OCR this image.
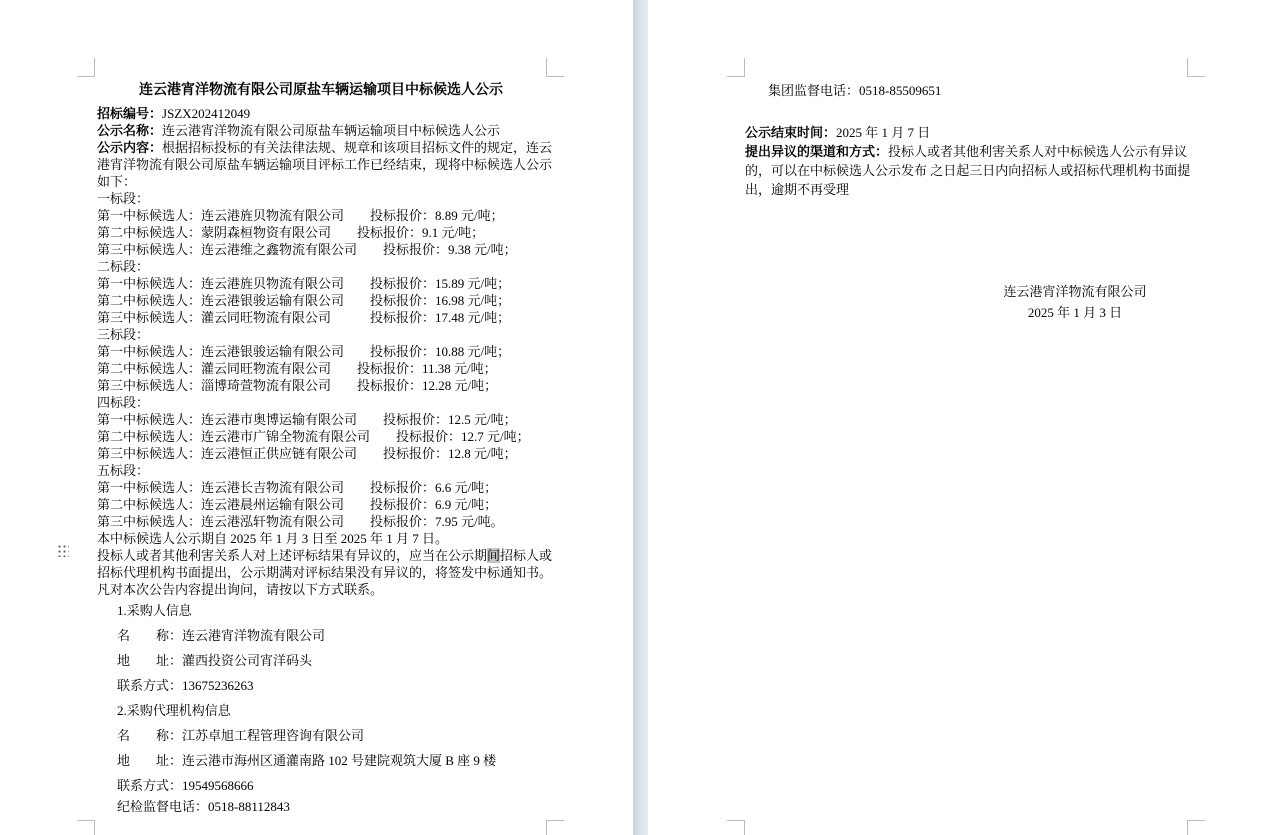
连云港宵洋物流有限公司原盐车辆运输项目中标候选人公示
招标编号：JSZX202412049
公示名称：连云港宵洋物流有限公司原盐车辆运输项目中标候选人公示
公示内容：根据招标投标的有关法律法规、规章和该项目招标文件的规定，连云
港宵洋物流有限公司原盐车辆运输项目评标工作已经结束，现将中标候选人公示
如下：
一标段：
第一中标候选人：连云港旌贝物流有限公司　　投标报价：8.89 元/吨；
第二中标候选人：蒙阴森桓物资有限公司　　投标报价：9.1 元/吨；
第三中标候选人：连云港维之鑫物流有限公司　　投标报价：9.38 元/吨；
二标段：
第一中标候选人：连云港旌贝物流有限公司　　投标报价：15.89 元/吨；
第二中标候选人：连云港银骏运输有限公司　　投标报价：16.98 元/吨；
第三中标候选人：灌云同旺物流有限公司　　　投标报价：17.48 元/吨；
三标段：
第一中标候选人：连云港银骏运输有限公司　　投标报价：10.88 元/吨；
第二中标候选人：灌云同旺物流有限公司　　投标报价：11.38 元/吨；
第三中标候选人：淄博琦萱物流有限公司　　投标报价：12.28 元/吨；
四标段：
第一中标候选人：连云港市奥博运输有限公司　　投标报价：12.5 元/吨；
第二中标候选人：连云港市广锦全物流有限公司　　投标报价：12.7 元/吨；
第三中标候选人：连云港恒正供应链有限公司　　投标报价：12.8 元/吨；
五标段：
第一中标候选人：连云港长吉物流有限公司　　投标报价：6.6 元/吨；
第二中标候选人：连云港晨州运输有限公司　　投标报价：6.9 元/吨；
第三中标候选人：连云港泓轩物流有限公司　　投标报价：7.95 元/吨。
本中标候选人公示期自 2025 年 1 月 3 日至 2025 年 1 月 7 日。
投标人或者其他利害关系人对上述评标结果有异议的，应当在公示期间招标人或
招标代理机构书面提出，公示期满对评标结果没有异议的，将签发中标通知书。
凡对本次公告内容提出询问，请按以下方式联系。
1.采购人信息
名　　称：连云港宵洋物流有限公司
地　　址：灌西投资公司宵洋码头
联系方式：13675236263
2.采购代理机构信息
名　　称：江苏卓旭工程管理咨询有限公司
地　　址：连云港市海州区通灌南路 102 号建院观筑大厦 B 座 9 楼
联系方式：19549568666
纪检监督电话：0518-88112843
集团监督电话：0518-85509651
公示结束时间：2025 年 1 月 7 日
提出异议的渠道和方式：投标人或者其他利害关系人对中标候选人公示有异议
的，可以在中标候选人公示发布 之日起三日内向招标人或招标代理机构书面提
出，逾期不再受理
连云港宵洋物流有限公司
2025 年 1 月 3 日
